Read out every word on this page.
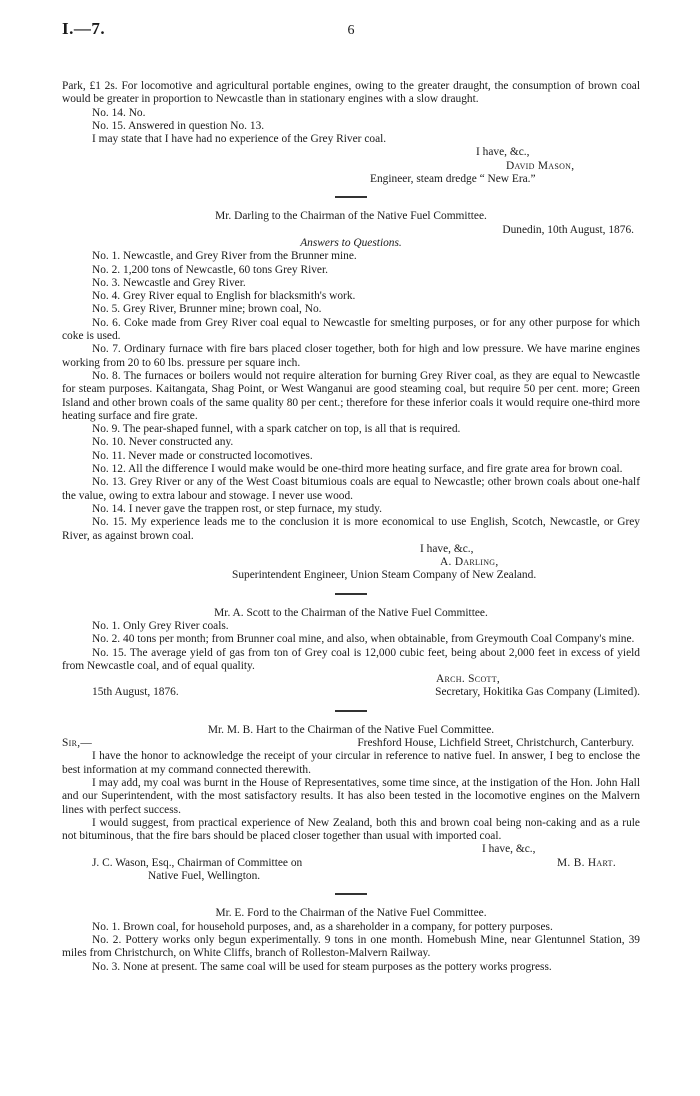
I.—7.	6

Park, £1 2s. For locomotive and agricultural portable engines, owing to the greater draught, the consumption of brown coal would be greater in proportion to Newcastle than in stationary engines with a slow draught.

No. 14. No.

No. 15. Answered in question No. 13.

I may state that I have had no experience of the Grey River coal.

I have, &c.,

David Mason,

Engineer, steam dredge “ New Era.”

Mr. Darling to the Chairman of the Native Fuel Committee.

Dunedin, 10th August, 1876.

Answers to Questions.

No. 1. Newcastle, and Grey River from the Brunner mine.

No. 2. 1,200 tons of Newcastle, 60 tons Grey River.

No. 3. Newcastle and Grey River.

No. 4. Grey River equal to English for blacksmith's work.

No. 5. Grey River, Brunner mine; brown coal, No.

No. 6. Coke made from Grey River coal equal to Newcastle for smelting purposes, or for any other purpose for which coke is used.

No. 7. Ordinary furnace with fire bars placed closer together, both for high and low pressure. We have marine engines working from 20 to 60 lbs. pressure per square inch.

No. 8. The furnaces or boilers would not require alteration for burning Grey River coal, as they are equal to Newcastle for steam purposes. Kaitangata, Shag Point, or West Wanganui are good steaming coal, but require 50 per cent. more; Green Island and other brown coals of the same quality 80 per cent.; therefore for these inferior coals it would require one-third more heating surface and fire grate.

No. 9. The pear-shaped funnel, with a spark catcher on top, is all that is required.

No. 10. Never constructed any.

No. 11. Never made or constructed locomotives.

No. 12. All the difference I would make would be one-third more heating surface, and fire grate area for brown coal.

No. 13. Grey River or any of the West Coast bitumious coals are equal to Newcastle; other brown coals about one-half the value, owing to extra labour and stowage. I never use wood.

No. 14. I never gave the trappen rost, or step furnace, my study.

No. 15. My experience leads me to the conclusion it is more economical to use English, Scotch, Newcastle, or Grey River, as against brown coal.

I have, &c.,

A. Darling,

Superintendent Engineer, Union Steam Company of New Zealand.

Mr. A. Scott to the Chairman of the Native Fuel Committee.

No. 1. Only Grey River coals.

No. 2. 40 tons per month; from Brunner coal mine, and also, when obtainable, from Greymouth Coal Company's mine.

No. 15. The average yield of gas from ton of Grey coal is 12,000 cubic feet, being about 2,000 feet in excess of yield from Newcastle coal, and of equal quality.

Arch. Scott,

15th August, 1876.	Secretary, Hokitika Gas Company (Limited).

Mr. M. B. Hart to the Chairman of the Native Fuel Committee.

Sir,—	Freshford House, Lichfield Street, Christchurch, Canterbury.

I have the honor to acknowledge the receipt of your circular in reference to native fuel. In answer, I beg to enclose the best information at my command connected therewith.

I may add, my coal was burnt in the House of Representatives, some time since, at the instigation of the Hon. John Hall and our Superintendent, with the most satisfactory results. It has also been tested in the locomotive engines on the Malvern lines with perfect success.

I would suggest, from practical experience of New Zealand, both this and brown coal being non-caking and as a rule not bituminous, that the fire bars should be placed closer together than usual with imported coal.

I have, &c.,

J. C. Wason, Esq., Chairman of Committee on	M. B. Hart.

Native Fuel, Wellington.

Mr. E. Ford to the Chairman of the Native Fuel Committee.

No. 1. Brown coal, for household purposes, and, as a shareholder in a company, for pottery purposes.

No. 2. Pottery works only begun experimentally. 9 tons in one month. Homebush Mine, near Glentunnel Station, 39 miles from Christchurch, on White Cliffs, branch of Rolleston-Malvern Railway.

No. 3. None at present. The same coal will be used for steam purposes as the pottery works progress.
